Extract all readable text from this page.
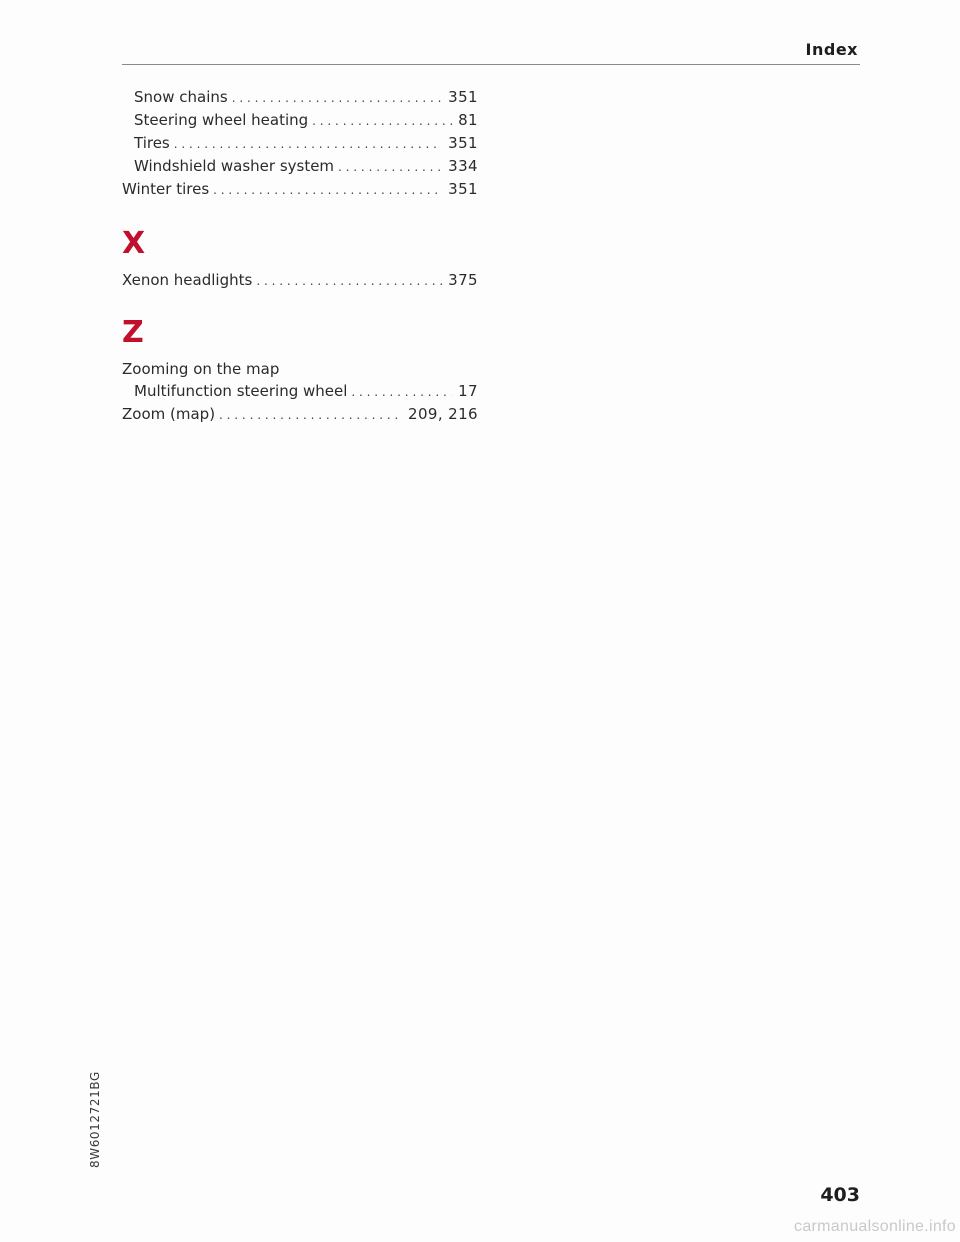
Index
Snow chains . . .	351
Steering wheel heating . . .	81
Tires . . .	351
Windshield washer system . . .	334
Winter tires . . .	351
X
Xenon headlights . . .	375
Z
Zooming on the map
Multifunction steering wheel . . .	17
Zoom (map) . . .	209, 216
8W6012721BG
403
carmanualsonline.info
